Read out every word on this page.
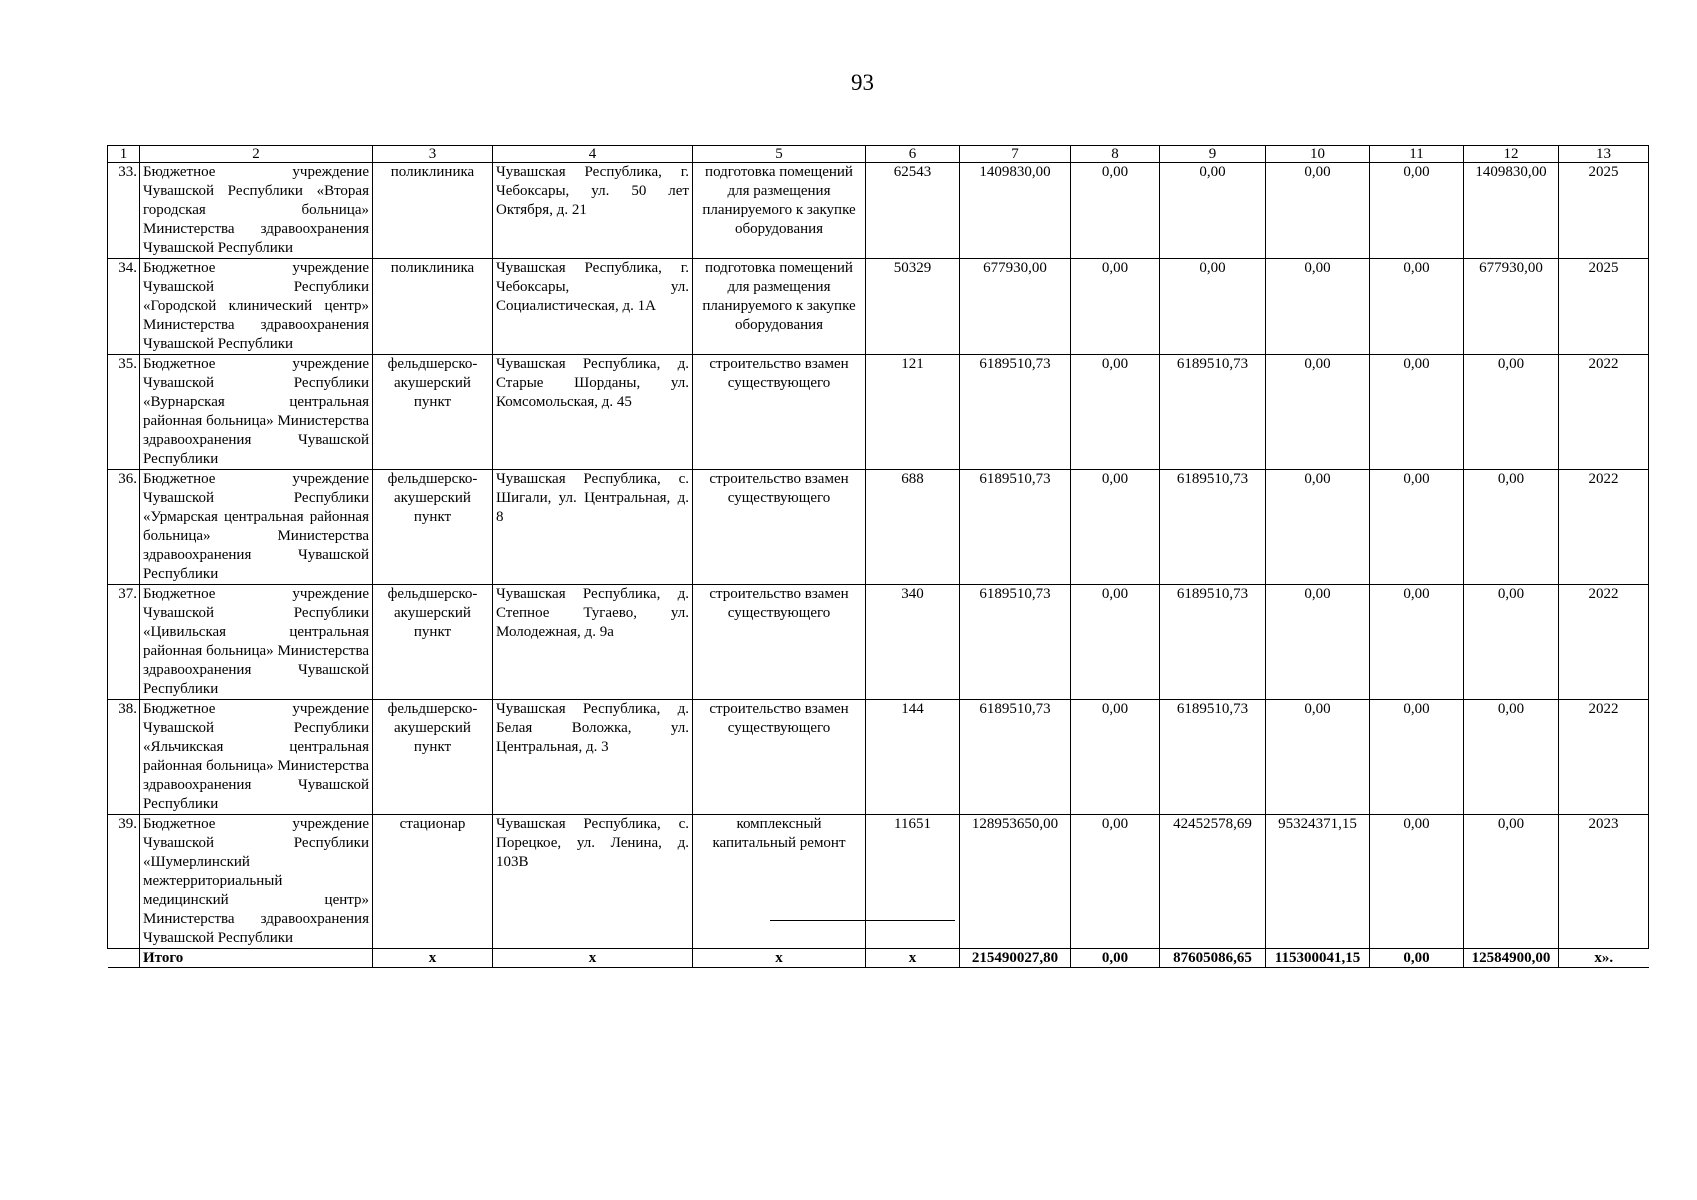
93
1	2	3	4	5	6	7	8	9	10	11	12	13
33.	Бюджетное учреждение Чувашской Республики «Вторая городская больница» Министерства здравоохранения Чувашской Республики	поликлиника	Чувашская Республика, г. Чебоксары, ул. 50 лет Октября, д. 21	подготовка помещений для размещения планируемого к закупке оборудования	62543	1409830,00	0,00	0,00	0,00	0,00	1409830,00	2025
34.	Бюджетное учреждение Чувашской Республики «Городской клинический центр» Министерства здравоохранения Чувашской Республики	поликлиника	Чувашская Республика, г. Чебоксары, ул. Социалистическая, д. 1А	подготовка помещений для размещения планируемого к закупке оборудования	50329	677930,00	0,00	0,00	0,00	0,00	677930,00	2025
35.	Бюджетное учреждение Чувашской Республики «Вурнарская центральная районная больница» Министерства здравоохранения Чувашской Республики	фельдшерско-акушерский пункт	Чувашская Республика, д. Старые Шорданы, ул. Комсомольская, д. 45	строительство взамен существующего	121	6189510,73	0,00	6189510,73	0,00	0,00	0,00	2022
36.	Бюджетное учреждение Чувашской Республики «Урмарская центральная районная больница» Министерства здравоохранения Чувашской Республики	фельдшерско-акушерский пункт	Чувашская Республика, с. Шигали, ул. Центральная, д. 8	строительство взамен существующего	688	6189510,73	0,00	6189510,73	0,00	0,00	0,00	2022
37.	Бюджетное учреждение Чувашской Республики «Цивильская центральная районная больница» Министерства здравоохранения Чувашской Республики	фельдшерско-акушерский пункт	Чувашская Республика, д. Степное Тугаево, ул. Молодежная, д. 9а	строительство взамен существующего	340	6189510,73	0,00	6189510,73	0,00	0,00	0,00	2022
38.	Бюджетное учреждение Чувашской Республики «Яльчикская центральная районная больница» Министерства здравоохранения Чувашской Республики	фельдшерско-акушерский пункт	Чувашская Республика, д. Белая Воложка, ул. Центральная, д. 3	строительство взамен существующего	144	6189510,73	0,00	6189510,73	0,00	0,00	0,00	2022
39.	Бюджетное учреждение Чувашской Республики «Шумерлинский межтерриториальный медицинский центр» Министерства здравоохранения Чувашской Республики	стационар	Чувашская Республика, с. Порецкое, ул. Ленина, д. 103В	комплексный капитальный ремонт	11651	128953650,00	0,00	42452578,69	95324371,15	0,00	0,00	2023
	Итого	х	х	х	х	215490027,80	0,00	87605086,65	115300041,15	0,00	12584900,00	х».
